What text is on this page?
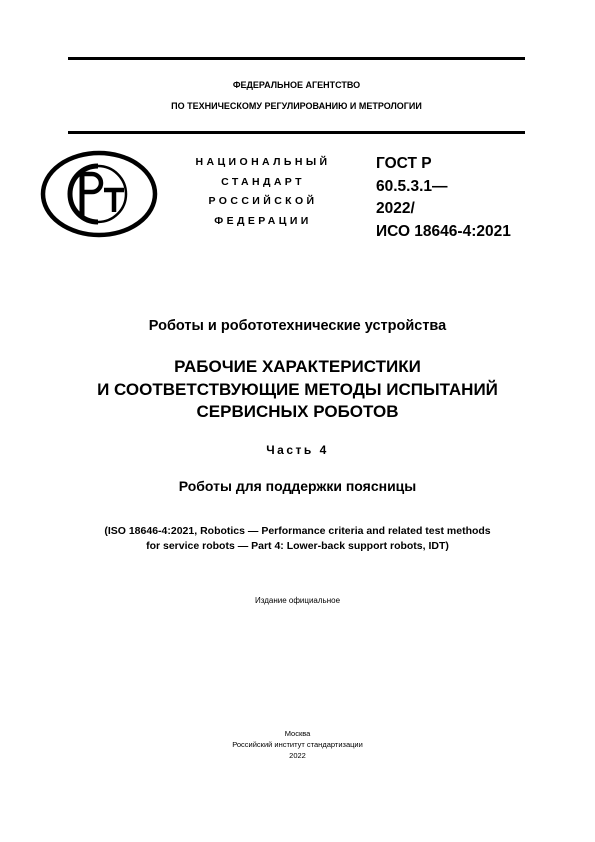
ФЕДЕРАЛЬНОЕ АГЕНТСТВО
ПО ТЕХНИЧЕСКОМУ РЕГУЛИРОВАНИЮ И МЕТРОЛОГИИ
НАЦИОНАЛЬНЫЙ
СТАНДАРТ
РОССИЙСКОЙ
ФЕДЕРАЦИИ
ГОСТ Р
60.5.3.1—
2022/
ИСО 18646-4:2021
Роботы и робототехнические устройства
РАБОЧИЕ ХАРАКТЕРИСТИКИ
И СООТВЕТСТВУЮЩИЕ МЕТОДЫ ИСПЫТАНИЙ
СЕРВИСНЫХ РОБОТОВ
Часть 4
Роботы для поддержки поясницы
(ISO 18646-4:2021, Robotics — Performance criteria and related test methods
for service robots — Part 4: Lower-back support robots, IDT)
Издание официальное
Москва
Российский институт стандартизации
2022
